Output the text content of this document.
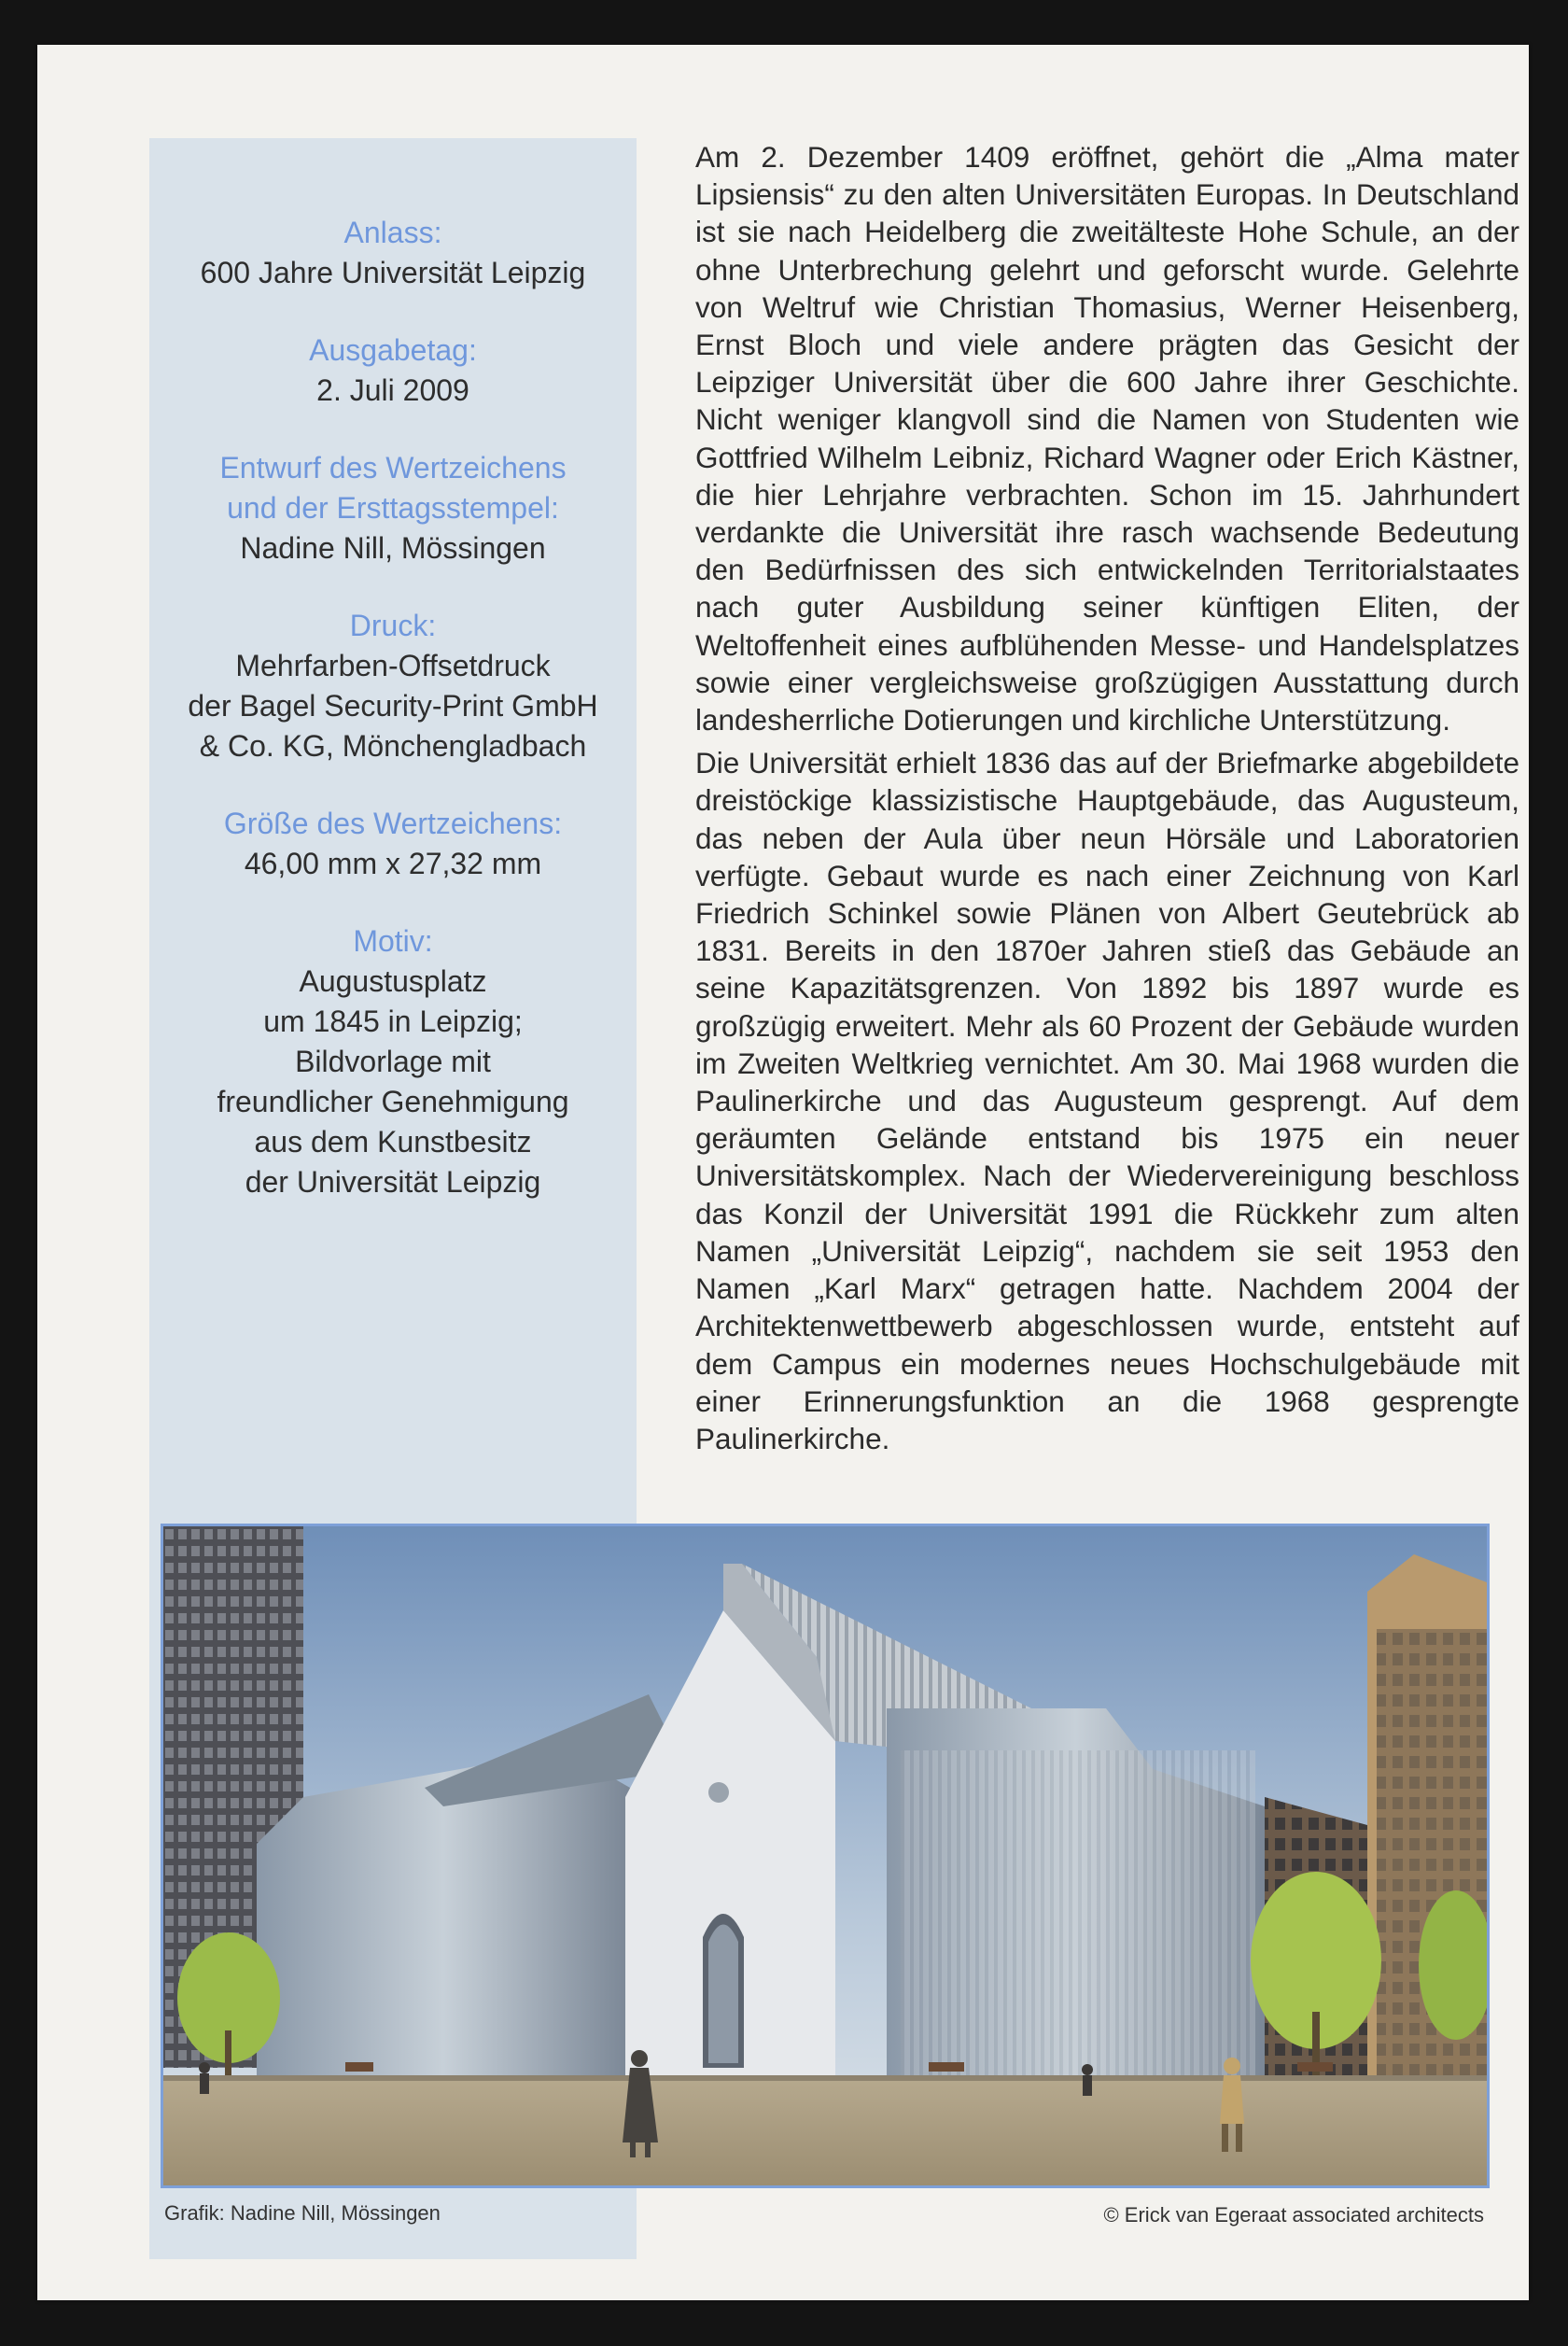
Anlass:
600 Jahre Universität Leipzig
Ausgabetag:
2. Juli 2009
Entwurf des Wertzeichens
und der Ersttagsstempel:
Nadine Nill, Mössingen
Druck:
Mehrfarben-Offsetdruck
der Bagel Security-Print GmbH
& Co. KG, Mönchengladbach
Größe des Wertzeichens:
46,00 mm x 27,32 mm
Motiv:
Augustusplatz
um 1845 in Leipzig;
Bildvorlage mit
freundlicher Genehmigung
aus dem Kunstbesitz
der Universität Leipzig

Am 2. Dezember 1409 eröffnet, gehört die „Alma mater Lipsiensis“ zu den alten Universitäten Europas. In Deutschland ist sie nach Heidelberg die zweitälteste Hohe Schule, an der ohne Unterbrechung gelehrt und geforscht wurde. Gelehrte von Weltruf wie Christian Thomasius, Werner Heisenberg, Ernst Bloch und viele andere prägten das Gesicht der Leipziger Universität über die 600 Jahre ihrer Geschichte. Nicht weniger klangvoll sind die Namen von Studenten wie Gottfried Wilhelm Leibniz, Richard Wagner oder Erich Kästner, die hier Lehrjahre verbrachten. Schon im 15. Jahrhundert verdankte die Universität ihre rasch wachsende Bedeutung den Bedürfnissen des sich entwickelnden Territorialstaates nach guter Ausbildung seiner künftigen Eliten, der Weltoffenheit eines aufblühenden Messe- und Handelsplatzes sowie einer vergleichsweise großzügigen Ausstattung durch landesherrliche Dotierungen und kirchliche Unterstützung.

Die Universität erhielt 1836 das auf der Briefmarke abgebildete dreistöckige klassizistische Hauptgebäude, das Augusteum, das neben der Aula über neun Hörsäle und Laboratorien verfügte. Gebaut wurde es nach einer Zeichnung von Karl Friedrich Schinkel sowie Plänen von Albert Geutebrück ab 1831. Bereits in den 1870er Jahren stieß das Gebäude an seine Kapazitätsgrenzen. Von 1892 bis 1897 wurde es großzügig erweitert. Mehr als 60 Prozent der Gebäude wurden im Zweiten Weltkrieg vernichtet. Am 30. Mai 1968 wurden die Paulinerkirche und das Augusteum gesprengt. Auf dem geräumten Gelände entstand bis 1975 ein neuer Universitätskomplex. Nach der Wiedervereinigung beschloss das Konzil der Universität 1991 die Rückkehr zum alten Namen „Universität Leipzig“, nachdem sie seit 1953 den Namen „Karl Marx“ getragen hatte. Nachdem 2004 der Architektenwettbewerb abgeschlossen wurde, entsteht auf dem Campus ein modernes neues Hochschulgebäude mit einer Erinnerungsfunktion an die 1968 gesprengte Paulinerkirche.

Grafik: Nadine Nill, Mössingen	© Erick van Egeraat associated architects
